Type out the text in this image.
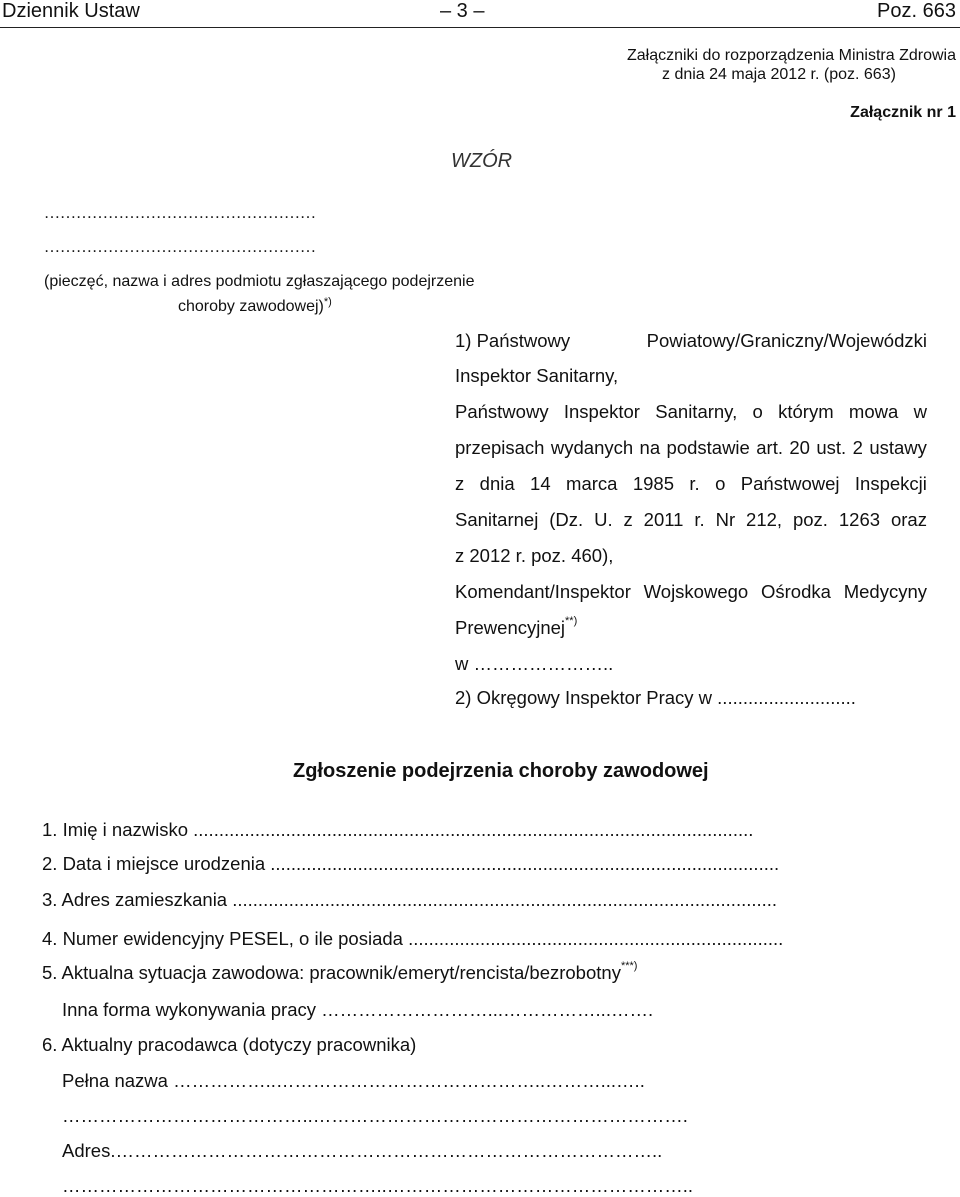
Dziennik Ustaw	– 3 –	Poz. 663
Załączniki do rozporządzenia Ministra Zdrowia
z dnia 24 maja 2012 r. (poz. 663)
Załącznik nr 1
WZÓR
……………………………………………
……………………………………………
(pieczęć, nazwa i adres podmiotu zgłaszającego podejrzenie
choroby zawodowej)*)
1) Państwowy	Powiatowy/Graniczny/Wojewódzki
Inspektor Sanitarny,
Państwowy Inspektor Sanitarny, o którym mowa w
przepisach wydanych na podstawie art. 20 ust. 2 ustawy
z dnia 14 marca 1985 r. o Państwowej Inspekcji
Sanitarnej (Dz. U. z 2011 r. Nr 212, poz. 1263 oraz
z 2012 r. poz. 460),
Komendant/Inspektor Wojskowego Ośrodka Medycyny
Prewencyjnej**)
w …………………..
2) Okręgowy Inspektor Pracy w ...........................
Zgłoszenie podejrzenia choroby zawodowej
1. Imię i nazwisko .............................................................................................................
2. Data i miejsce urodzenia ...................................................................................................
3. Adres zamieszkania ..........................................................................................................
4. Numer ewidencyjny PESEL, o ile posiada .........................................................................
5. Aktualna sytuacja zawodowa: pracownik/emeryt/rencista/bezrobotny***)
Inna forma wykonywania pracy ………………………...……………...…….
6. Aktualny pracodawca (dotyczy pracownika)
Pełna nazwa ……………..……………………………………..………...…..
…………………………………..…………………………………………………….
Adres.……………………………………………………………………………..
……………………………………………..…………………………………………..
